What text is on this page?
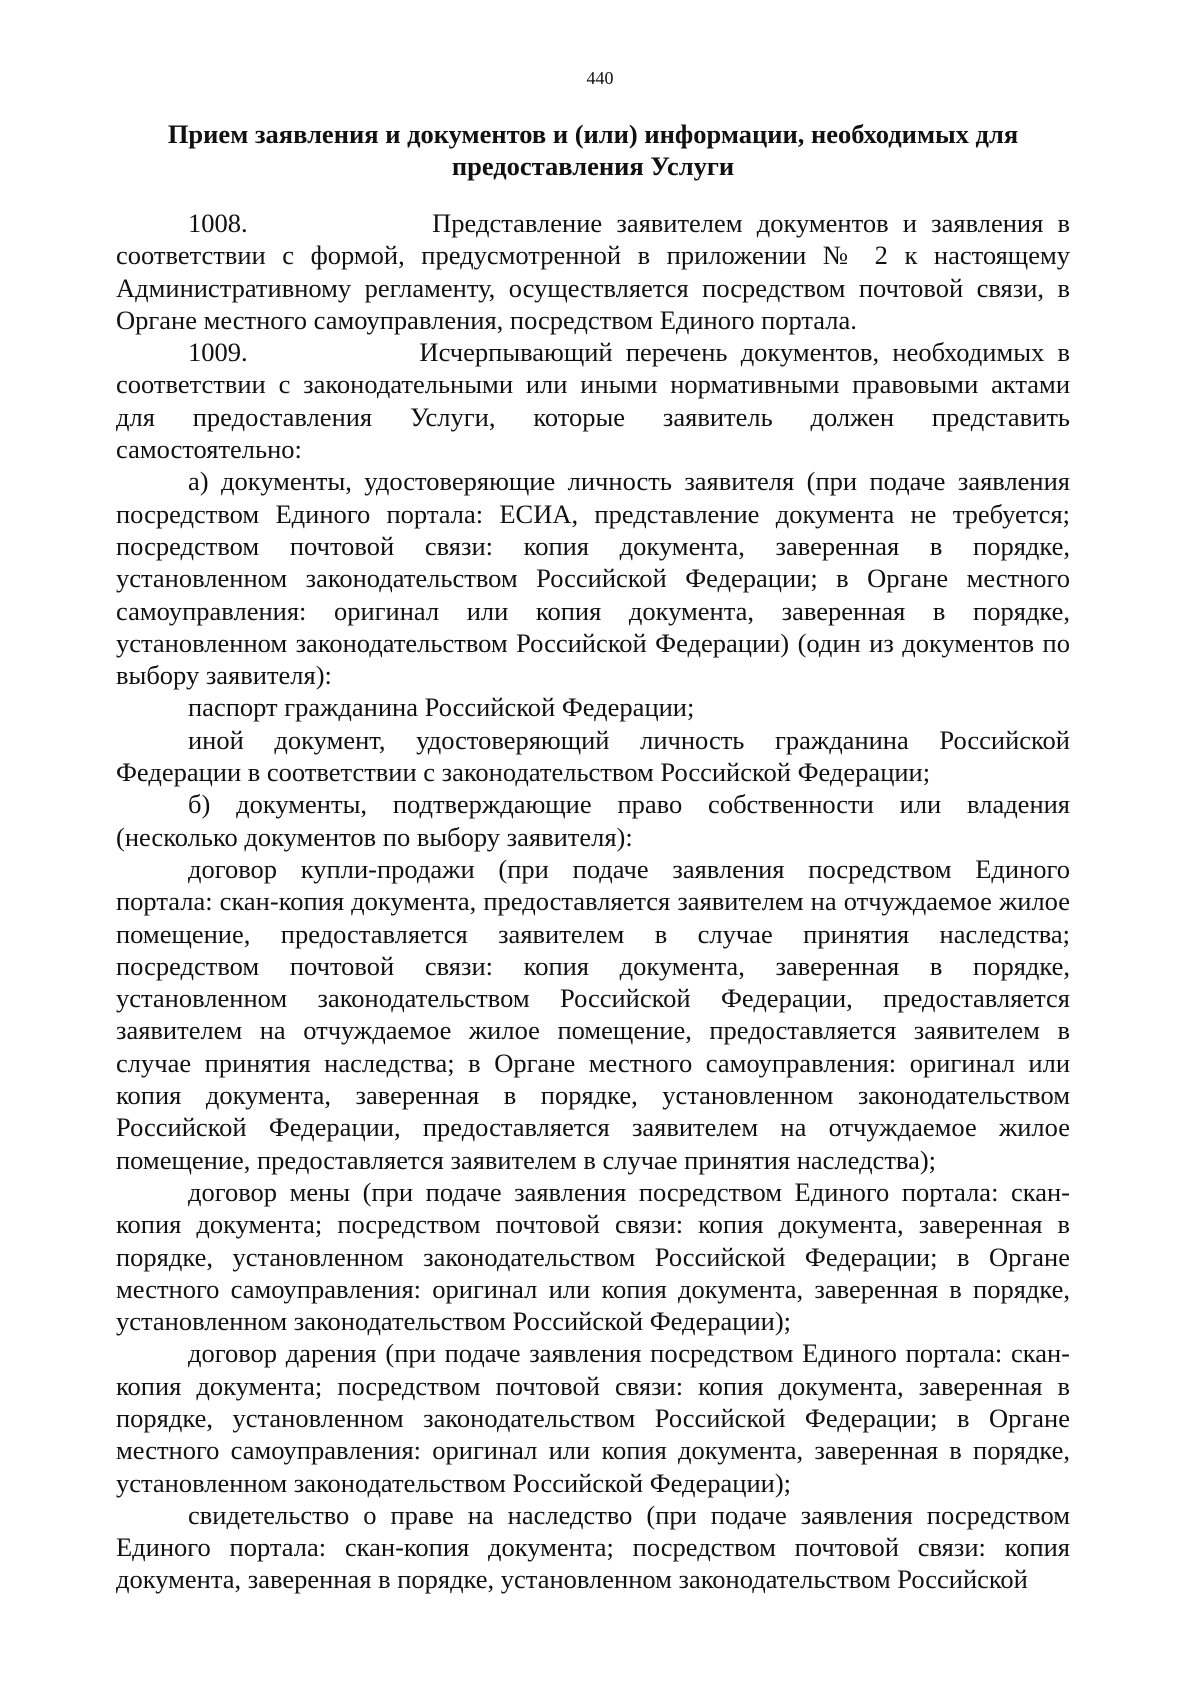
440
Прием заявления и документов и (или) информации, необходимых для предоставления Услуги

1008.             Представление заявителем документов и заявления в соответствии с формой, предусмотренной в приложении № 2 к настоящему Административному регламенту, осуществляется посредством почтовой связи, в Органе местного самоуправления, посредством Единого портала.

1009.             Исчерпывающий перечень документов, необходимых в соответствии с законодательными или иными нормативными правовыми актами для предоставления Услуги, которые заявитель должен представить самостоятельно:

а) документы, удостоверяющие личность заявителя (при подаче заявления посредством Единого портала: ЕСИА, представление документа не требуется; посредством почтовой связи: копия документа, заверенная в порядке, установленном законодательством Российской Федерации; в Органе местного самоуправления: оригинал или копия документа, заверенная в порядке, установленном законодательством Российской Федерации) (один из документов по выбору заявителя):

паспорт гражданина Российской Федерации;

иной документ, удостоверяющий личность гражданина Российской Федерации в соответствии с законодательством Российской Федерации;

б) документы, подтверждающие право собственности или владения (несколько документов по выбору заявителя):

договор купли-продажи (при подаче заявления посредством Единого портала: скан-копия документа, предоставляется заявителем на отчуждаемое жилое помещение, предоставляется заявителем в случае принятия наследства; посредством почтовой связи: копия документа, заверенная в порядке, установленном законодательством Российской Федерации, предоставляется заявителем на отчуждаемое жилое помещение, предоставляется заявителем в случае принятия наследства; в Органе местного самоуправления: оригинал или копия документа, заверенная в порядке, установленном законодательством Российской Федерации, предоставляется заявителем на отчуждаемое жилое помещение, предоставляется заявителем в случае принятия наследства);

договор мены (при подаче заявления посредством Единого портала: скан-копия документа; посредством почтовой связи: копия документа, заверенная в порядке, установленном законодательством Российской Федерации; в Органе местного самоуправления: оригинал или копия документа, заверенная в порядке, установленном законодательством Российской Федерации);

договор дарения (при подаче заявления посредством Единого портала: скан-копия документа; посредством почтовой связи: копия документа, заверенная в порядке, установленном законодательством Российской Федерации; в Органе местного самоуправления: оригинал или копия документа, заверенная в порядке, установленном законодательством Российской Федерации);

свидетельство о праве на наследство (при подаче заявления посредством Единого портала: скан-копия документа; посредством почтовой связи: копия документа, заверенная в порядке, установленном законодательством Российской
